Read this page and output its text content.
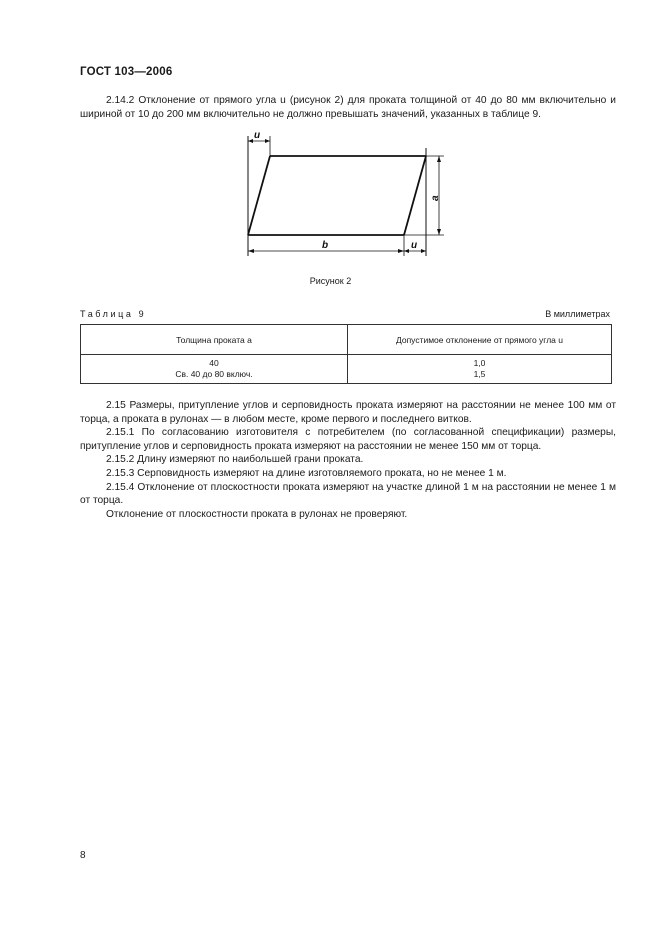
ГОСТ 103—2006
2.14.2 Отклонение от прямого угла u (рисунок 2) для проката толщиной от 40 до 80 мм включительно и шириной от 10 до 200 мм включительно не должно превышать значений, указанных в таблице 9.
u
a
b	u
Рисунок 2
Таблица 9	В миллиметрах
Толщина проката a	Допустимое отклонение от прямого угла u
40	1,0
Св. 40 до 80 включ.	1,5

2.15 Размеры, притупление углов и серповидность проката измеряют на расстоянии не менее 100 мм от торца, а проката в рулонах — в любом месте, кроме первого и последнего витков.

2.15.1 По согласованию изготовителя с потребителем (по согласованной спецификации) размеры, притупление углов и серповидность проката измеряют на расстоянии не менее 150 мм от торца.

2.15.2 Длину измеряют по наибольшей грани проката.

2.15.3 Серповидность измеряют на длине изготовляемого проката, но не менее 1 м.

2.15.4 Отклонение от плоскостности проката измеряют на участке длиной 1 м на расстоянии не менее 1 м от торца.

Отклонение от плоскостности проката в рулонах не проверяют.

8
